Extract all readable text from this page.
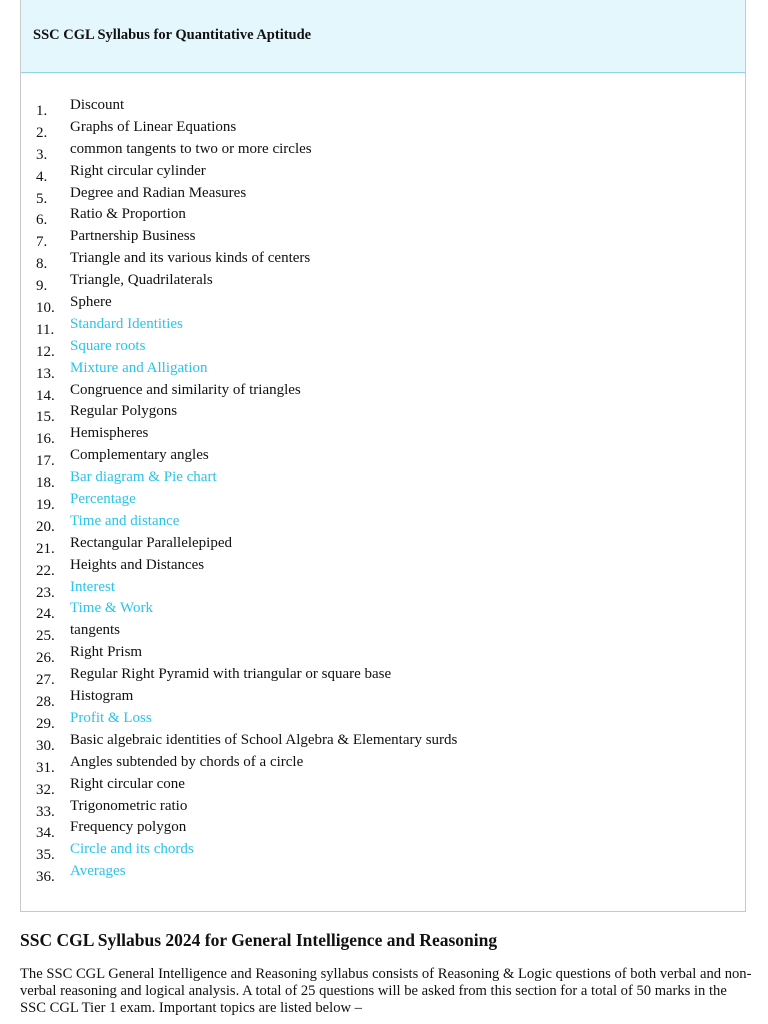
SSC CGL Syllabus for Quantitative Aptitude
1.	Discount
2.	Graphs of Linear Equations
3.	common tangents to two or more circles
4.	Right circular cylinder
5.	Degree and Radian Measures
6.	Ratio & Proportion
7.	Partnership Business
8.	Triangle and its various kinds of centers
9.	Triangle, Quadrilaterals
10. Sphere
11. Standard Identities
12. Square roots
13. Mixture and Alligation
14. Congruence and similarity of triangles
15. Regular Polygons
16. Hemispheres
17. Complementary angles
18. Bar diagram & Pie chart
19. Percentage
20. Time and distance
21. Rectangular Parallelepiped
22. Heights and Distances
23. Interest
24. Time & Work
25. tangents
26. Right Prism
27. Regular Right Pyramid with triangular or square base
28. Histogram
29. Profit & Loss
30. Basic algebraic identities of School Algebra & Elementary surds
31. Angles subtended by chords of a circle
32. Right circular cone
33. Trigonometric ratio
34. Frequency polygon
35. Circle and its chords
36. Averages
SSC CGL Syllabus 2024 for General Intelligence and Reasoning

The SSC CGL General Intelligence and Reasoning syllabus consists of Reasoning & Logic questions of both verbal and non-verbal reasoning and logical analysis. A total of 25 questions will be asked from this section for a total of 50 marks in the SSC CGL Tier 1 exam. Important topics are listed below –
